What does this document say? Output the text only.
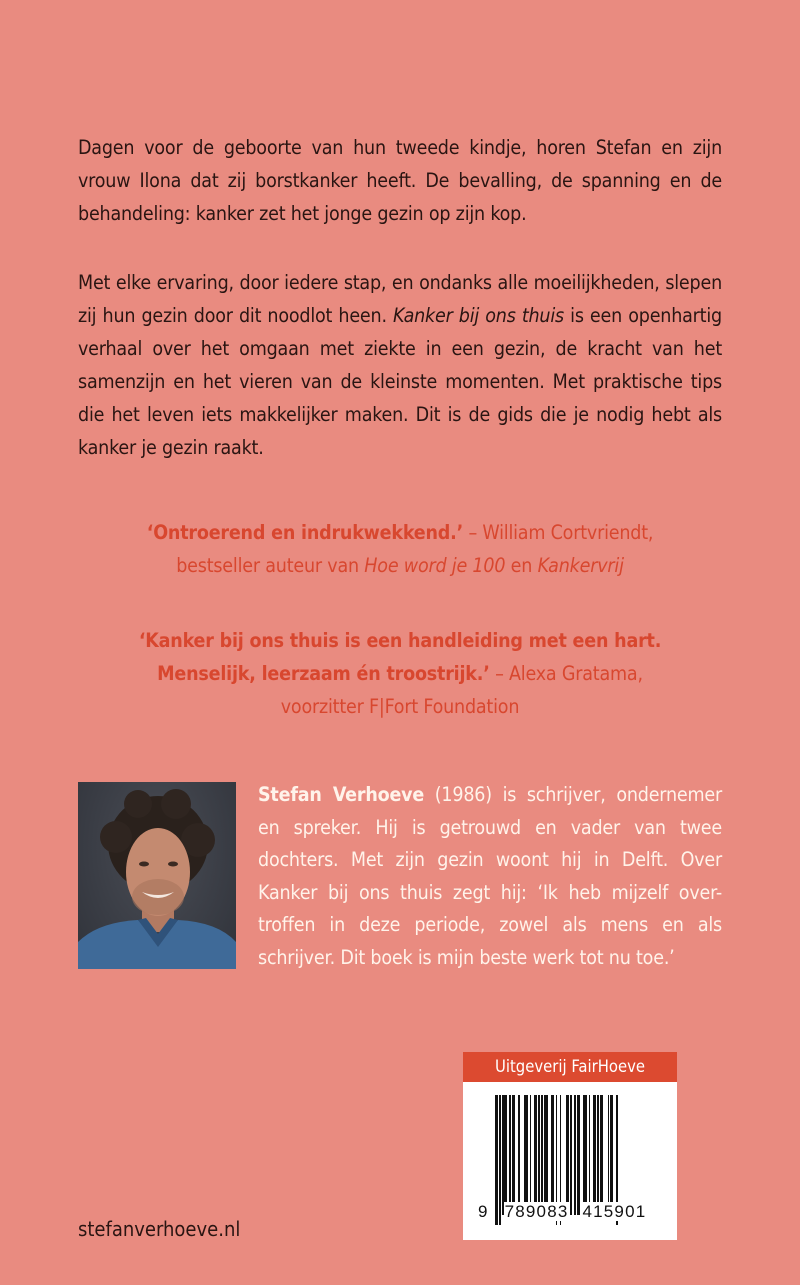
Dagen voor de geboorte van hun tweede kindje, horen Stefan en zijn vrouw Ilona dat zij borstkanker heeft. De bevalling, de spanning en de behandeling: kanker zet het jonge gezin op zijn kop.

Met elke ervaring, door iedere stap, en ondanks alle moeilijkheden, slepen zij hun gezin door dit noodlot heen. Kanker bij ons thuis is een openhartig verhaal over het omgaan met ziekte in een gezin, de kracht van het samenzijn en het vieren van de kleinste momenten. Met praktische tips die het leven iets makkelijker maken. Dit is de gids die je nodig hebt als kanker je gezin raakt.

‘Ontroerend en indrukwekkend.’ – William Cortvriendt,
bestseller auteur van Hoe word je 100 en Kankervrij

‘Kanker bij ons thuis is een handleiding met een hart.
Menselijk, leerzaam én troostrijk.’ – Alexa Gratama,
voorzitter F|Fort Foundation

Stefan Verhoeve (1986) is schrijver, ondernemer en spreker. Hij is getrouwd en vader van twee dochters. Met zijn gezin woont hij in Delft. Over Kanker bij ons thuis zegt hij: ‘Ik heb mijzelf over-troffen in deze periode, zowel als mens en als schrijver. Dit boek is mijn beste werk tot nu toe.’

Uitgeverij FairHoeve
9 789083 415901
stefanverhoeve.nl
